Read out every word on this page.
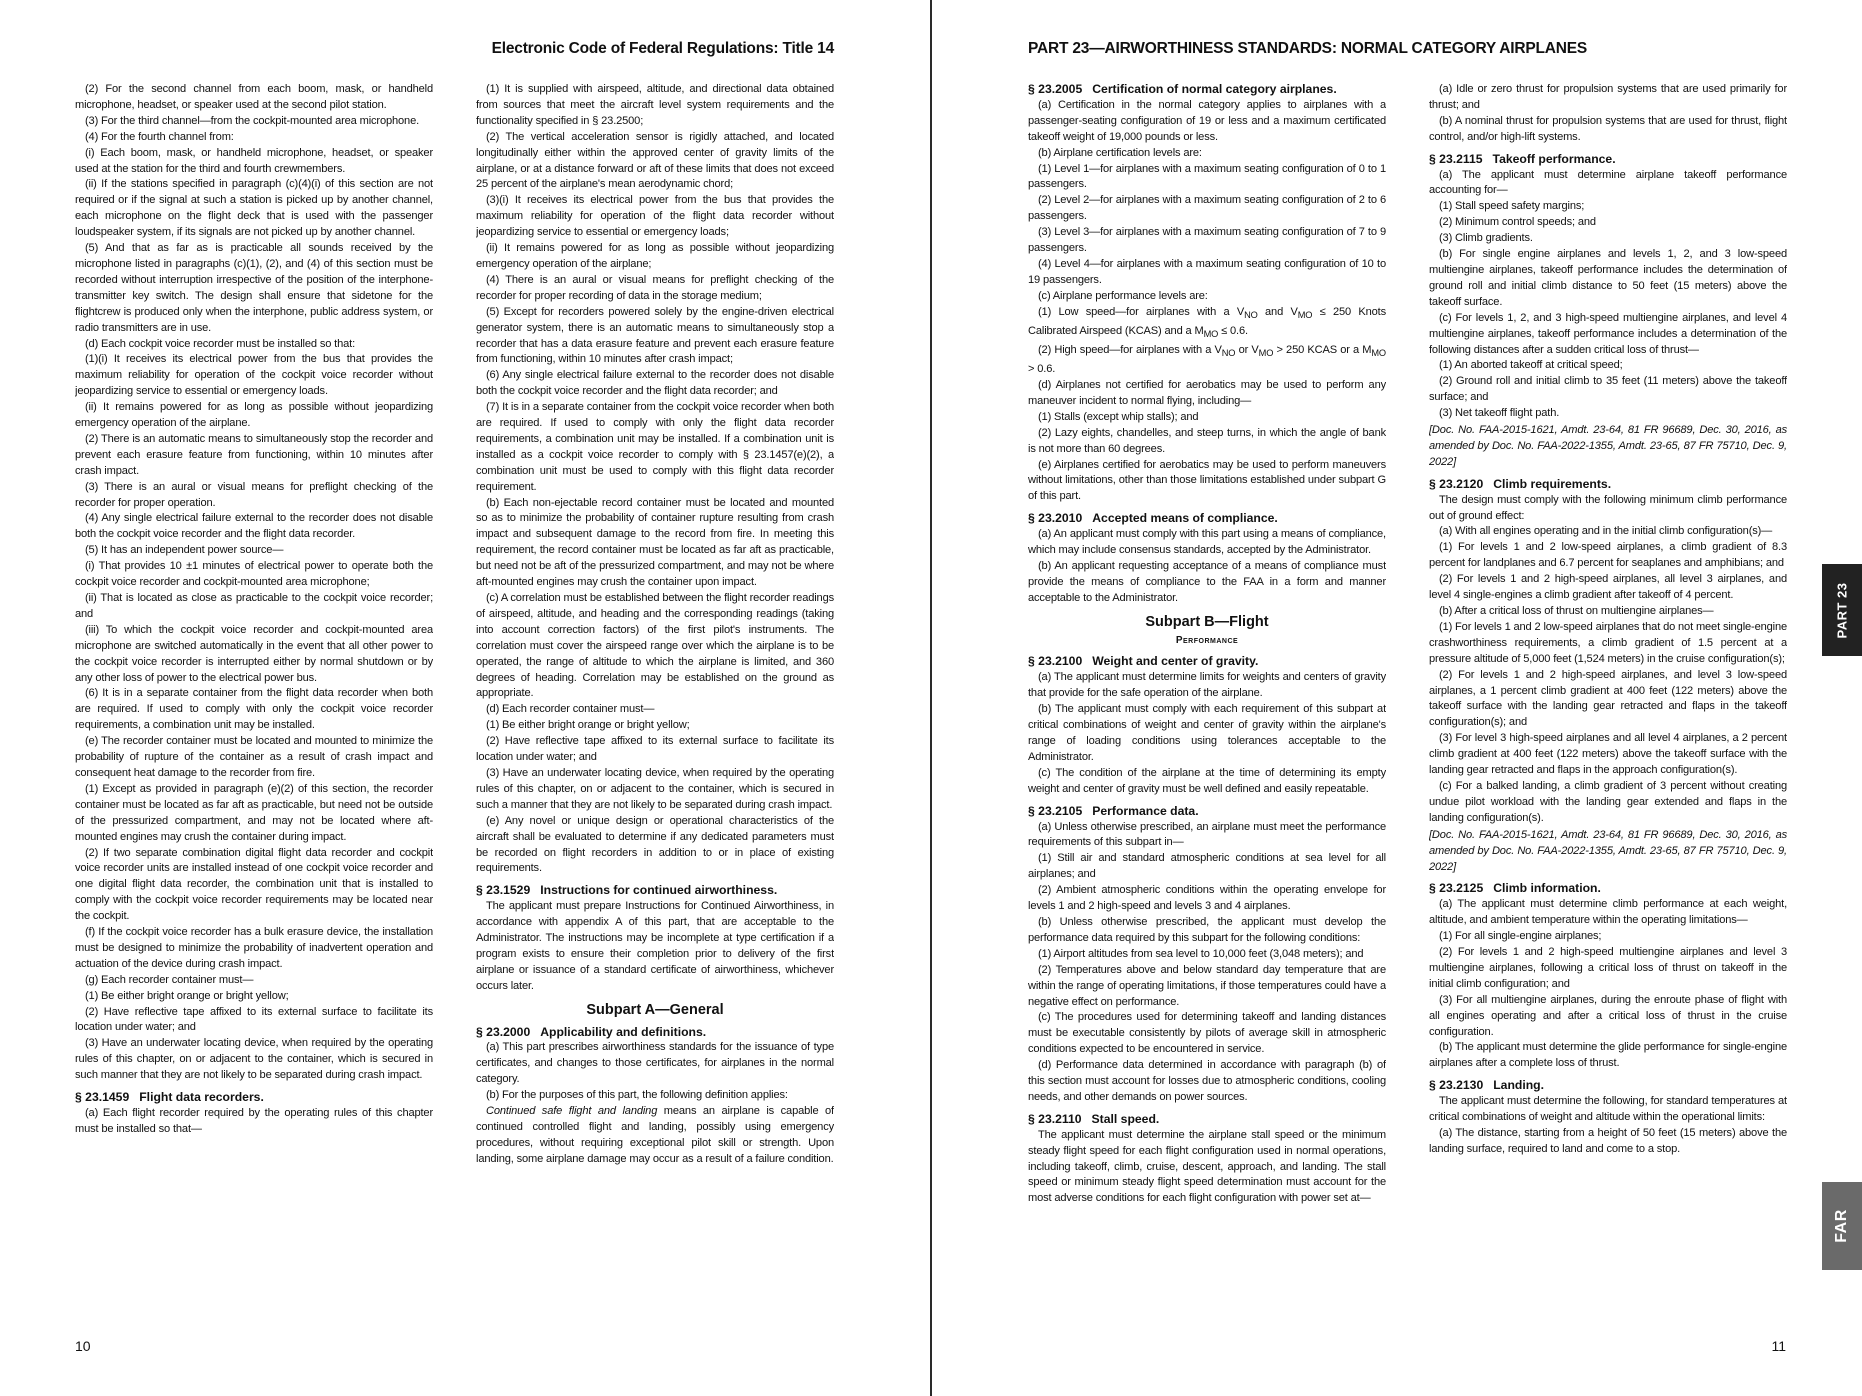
Electronic Code of Federal Regulations: Title 14

(2) For the second channel from each boom, mask, or handheld microphone, headset, or speaker used at the second pilot station.

(3) For the third channel—from the cockpit-mounted area microphone.

(4) For the fourth channel from:

(i) Each boom, mask, or handheld microphone, headset, or speaker used at the station for the third and fourth crewmembers.

(ii) If the stations specified in paragraph (c)(4)(i) of this section are not required or if the signal at such a station is picked up by another channel, each microphone on the flight deck that is used with the passenger loudspeaker system, if its signals are not picked up by another channel.

(5) And that as far as is practicable all sounds received by the microphone listed in paragraphs (c)(1), (2), and (4) of this section must be recorded without interruption irrespective of the position of the interphone-transmitter key switch. The design shall ensure that sidetone for the flightcrew is produced only when the interphone, public address system, or radio transmitters are in use.

(d) Each cockpit voice recorder must be installed so that:

(1)(i) It receives its electrical power from the bus that provides the maximum reliability for operation of the cockpit voice recorder without jeopardizing service to essential or emergency loads.

(ii) It remains powered for as long as possible without jeopardizing emergency operation of the airplane.

(2) There is an automatic means to simultaneously stop the recorder and prevent each erasure feature from functioning, within 10 minutes after crash impact.

(3) There is an aural or visual means for preflight checking of the recorder for proper operation.

(4) Any single electrical failure external to the recorder does not disable both the cockpit voice recorder and the flight data recorder.

(5) It has an independent power source—

(i) That provides 10 ±1 minutes of electrical power to operate both the cockpit voice recorder and cockpit-mounted area microphone;

(ii) That is located as close as practicable to the cockpit voice recorder; and

(iii) To which the cockpit voice recorder and cockpit-mounted area microphone are switched automatically in the event that all other power to the cockpit voice recorder is interrupted either by normal shutdown or by any other loss of power to the electrical power bus.

(6) It is in a separate container from the flight data recorder when both are required. If used to comply with only the cockpit voice recorder requirements, a combination unit may be installed.

(e) The recorder container must be located and mounted to minimize the probability of rupture of the container as a result of crash impact and consequent heat damage to the recorder from fire.

(1) Except as provided in paragraph (e)(2) of this section, the recorder container must be located as far aft as practicable, but need not be outside of the pressurized compartment, and may not be located where aft-mounted engines may crush the container during impact.

(2) If two separate combination digital flight data recorder and cockpit voice recorder units are installed instead of one cockpit voice recorder and one digital flight data recorder, the combination unit that is installed to comply with the cockpit voice recorder requirements may be located near the cockpit.

(f) If the cockpit voice recorder has a bulk erasure device, the installation must be designed to minimize the probability of inadvertent operation and actuation of the device during crash impact.

(g) Each recorder container must—

(1) Be either bright orange or bright yellow;

(2) Have reflective tape affixed to its external surface to facilitate its location under water; and

(3) Have an underwater locating device, when required by the operating rules of this chapter, on or adjacent to the container, which is secured in such manner that they are not likely to be separated during crash impact.

§ 23.1459 Flight data recorders.

(a) Each flight recorder required by the operating rules of this chapter must be installed so that—

(1) It is supplied with airspeed, altitude, and directional data obtained from sources that meet the aircraft level system requirements and the functionality specified in § 23.2500;

(2) The vertical acceleration sensor is rigidly attached, and located longitudinally either within the approved center of gravity limits of the airplane, or at a distance forward or aft of these limits that does not exceed 25 percent of the airplane's mean aerodynamic chord;

(3)(i) It receives its electrical power from the bus that provides the maximum reliability for operation of the flight data recorder without jeopardizing service to essential or emergency loads;

(ii) It remains powered for as long as possible without jeopardizing emergency operation of the airplane;

(4) There is an aural or visual means for preflight checking of the recorder for proper recording of data in the storage medium;

(5) Except for recorders powered solely by the engine-driven electrical generator system, there is an automatic means to simultaneously stop a recorder that has a data erasure feature and prevent each erasure feature from functioning, within 10 minutes after crash impact;

(6) Any single electrical failure external to the recorder does not disable both the cockpit voice recorder and the flight data recorder; and

(7) It is in a separate container from the cockpit voice recorder when both are required. If used to comply with only the flight data recorder requirements, a combination unit may be installed. If a combination unit is installed as a cockpit voice recorder to comply with § 23.1457(e)(2), a combination unit must be used to comply with this flight data recorder requirement.

(b) Each non-ejectable record container must be located and mounted so as to minimize the probability of container rupture resulting from crash impact and subsequent damage to the record from fire. In meeting this requirement, the record container must be located as far aft as practicable, but need not be aft of the pressurized compartment, and may not be where aft-mounted engines may crush the container upon impact.

(c) A correlation must be established between the flight recorder readings of airspeed, altitude, and heading and the corresponding readings (taking into account correction factors) of the first pilot's instruments. The correlation must cover the airspeed range over which the airplane is to be operated, the range of altitude to which the airplane is limited, and 360 degrees of heading. Correlation may be established on the ground as appropriate.

(d) Each recorder container must—

(1) Be either bright orange or bright yellow;

(2) Have reflective tape affixed to its external surface to facilitate its location under water; and

(3) Have an underwater locating device, when required by the operating rules of this chapter, on or adjacent to the container, which is secured in such a manner that they are not likely to be separated during crash impact.

(e) Any novel or unique design or operational characteristics of the aircraft shall be evaluated to determine if any dedicated parameters must be recorded on flight recorders in addition to or in place of existing requirements.

§ 23.1529 Instructions for continued airworthiness.

The applicant must prepare Instructions for Continued Airworthiness, in accordance with appendix A of this part, that are acceptable to the Administrator. The instructions may be incomplete at type certification if a program exists to ensure their completion prior to delivery of the first airplane or issuance of a standard certificate of airworthiness, whichever occurs later.

Subpart A—General

§ 23.2000 Applicability and definitions.

(a) This part prescribes airworthiness standards for the issuance of type certificates, and changes to those certificates, for airplanes in the normal category.

(b) For the purposes of this part, the following definition applies:

Continued safe flight and landing means an airplane is capable of continued controlled flight and landing, possibly using emergency procedures, without requiring exceptional pilot skill or strength. Upon landing, some airplane damage may occur as a result of a failure condition.

10
PART 23—AIRWORTHINESS STANDARDS: NORMAL CATEGORY AIRPLANES

§ 23.2005 Certification of normal category airplanes.

(a) Certification in the normal category applies to airplanes with a passenger-seating configuration of 19 or less and a maximum certificated takeoff weight of 19,000 pounds or less.

(b) Airplane certification levels are:

(1) Level 1—for airplanes with a maximum seating configuration of 0 to 1 passengers.

(2) Level 2—for airplanes with a maximum seating configuration of 2 to 6 passengers.

(3) Level 3—for airplanes with a maximum seating configuration of 7 to 9 passengers.

(4) Level 4—for airplanes with a maximum seating configuration of 10 to 19 passengers.

(c) Airplane performance levels are:

(1) Low speed—for airplanes with a $V_{NO}$ and $V_{MO} \le 250$ Knots Calibrated Airspeed (KCAS) and a $M_{MO} \le 0.6$.

(2) High speed—for airplanes with a $V_{NO}$ or $V_{MO} > 250$ KCAS or a $M_{MO} > 0.6$.

(d) Airplanes not certified for aerobatics may be used to perform any maneuver incident to normal flying, including—

(1) Stalls (except whip stalls); and

(2) Lazy eights, chandelles, and steep turns, in which the angle of bank is not more than 60 degrees.

(e) Airplanes certified for aerobatics may be used to perform maneuvers without limitations, other than those limitations established under subpart G of this part.

§ 23.2010 Accepted means of compliance.

(a) An applicant must comply with this part using a means of compliance, which may include consensus standards, accepted by the Administrator.

(b) An applicant requesting acceptance of a means of compliance must provide the means of compliance to the FAA in a form and manner acceptable to the Administrator.

Subpart B—Flight
Performance

§ 23.2100 Weight and center of gravity.

(a) The applicant must determine limits for weights and centers of gravity that provide for the safe operation of the airplane.

(b) The applicant must comply with each requirement of this subpart at critical combinations of weight and center of gravity within the airplane's range of loading conditions using tolerances acceptable to the Administrator.

(c) The condition of the airplane at the time of determining its empty weight and center of gravity must be well defined and easily repeatable.

§ 23.2105 Performance data.

(a) Unless otherwise prescribed, an airplane must meet the performance requirements of this subpart in—

(1) Still air and standard atmospheric conditions at sea level for all airplanes; and

(2) Ambient atmospheric conditions within the operating envelope for levels 1 and 2 high-speed and levels 3 and 4 airplanes.

(b) Unless otherwise prescribed, the applicant must develop the performance data required by this subpart for the following conditions:

(1) Airport altitudes from sea level to 10,000 feet (3,048 meters); and

(2) Temperatures above and below standard day temperature that are within the range of operating limitations, if those temperatures could have a negative effect on performance.

(c) The procedures used for determining takeoff and landing distances must be executable consistently by pilots of average skill in atmospheric conditions expected to be encountered in service.

(d) Performance data determined in accordance with paragraph (b) of this section must account for losses due to atmospheric conditions, cooling needs, and other demands on power sources.

§ 23.2110 Stall speed.

The applicant must determine the airplane stall speed or the minimum steady flight speed for each flight configuration used in normal operations, including takeoff, climb, cruise, descent, approach, and landing. The stall speed or minimum steady flight speed determination must account for the most adverse conditions for each flight configuration with power set at—

(a) Idle or zero thrust for propulsion systems that are used primarily for thrust; and

(b) A nominal thrust for propulsion systems that are used for thrust, flight control, and/or high-lift systems.

§ 23.2115 Takeoff performance.

(a) The applicant must determine airplane takeoff performance accounting for—

(1) Stall speed safety margins;

(2) Minimum control speeds; and

(3) Climb gradients.

(b) For single engine airplanes and levels 1, 2, and 3 low-speed multiengine airplanes, takeoff performance includes the determination of ground roll and initial climb distance to 50 feet (15 meters) above the takeoff surface.

(c) For levels 1, 2, and 3 high-speed multiengine airplanes, and level 4 multiengine airplanes, takeoff performance includes a determination of the following distances after a sudden critical loss of thrust—

(1) An aborted takeoff at critical speed;

(2) Ground roll and initial climb to 35 feet (11 meters) above the takeoff surface; and

(3) Net takeoff flight path.

[Doc. No. FAA-2015-1621, Amdt. 23-64, 81 FR 96689, Dec. 30, 2016, as amended by Doc. No. FAA-2022-1355, Amdt. 23-65, 87 FR 75710, Dec. 9, 2022]

§ 23.2120 Climb requirements.

The design must comply with the following minimum climb performance out of ground effect:

(a) With all engines operating and in the initial climb configuration(s)—

(1) For levels 1 and 2 low-speed airplanes, a climb gradient of 8.3 percent for landplanes and 6.7 percent for seaplanes and amphibians; and

(2) For levels 1 and 2 high-speed airplanes, all level 3 airplanes, and level 4 single-engines a climb gradient after takeoff of 4 percent.

(b) After a critical loss of thrust on multiengine airplanes—

(1) For levels 1 and 2 low-speed airplanes that do not meet single-engine crashworthiness requirements, a climb gradient of 1.5 percent at a pressure altitude of 5,000 feet (1,524 meters) in the cruise configuration(s);

(2) For levels 1 and 2 high-speed airplanes, and level 3 low-speed airplanes, a 1 percent climb gradient at 400 feet (122 meters) above the takeoff surface with the landing gear retracted and flaps in the takeoff configuration(s); and

(3) For level 3 high-speed airplanes and all level 4 airplanes, a 2 percent climb gradient at 400 feet (122 meters) above the takeoff surface with the landing gear retracted and flaps in the approach configuration(s).

(c) For a balked landing, a climb gradient of 3 percent without creating undue pilot workload with the landing gear extended and flaps in the landing configuration(s).

[Doc. No. FAA-2015-1621, Amdt. 23-64, 81 FR 96689, Dec. 30, 2016, as amended by Doc. No. FAA-2022-1355, Amdt. 23-65, 87 FR 75710, Dec. 9, 2022]

§ 23.2125 Climb information.

(a) The applicant must determine climb performance at each weight, altitude, and ambient temperature within the operating limitations—

(1) For all single-engine airplanes;

(2) For levels 1 and 2 high-speed multiengine airplanes and level 3 multiengine airplanes, following a critical loss of thrust on takeoff in the initial climb configuration; and

(3) For all multiengine airplanes, during the enroute phase of flight with all engines operating and after a critical loss of thrust in the cruise configuration.

(b) The applicant must determine the glide performance for single-engine airplanes after a complete loss of thrust.

§ 23.2130 Landing.

The applicant must determine the following, for standard temperatures at critical combinations of weight and altitude within the operational limits:

(a) The distance, starting from a height of 50 feet (15 meters) above the landing surface, required to land and come to a stop.

PART 23
FAR
11
